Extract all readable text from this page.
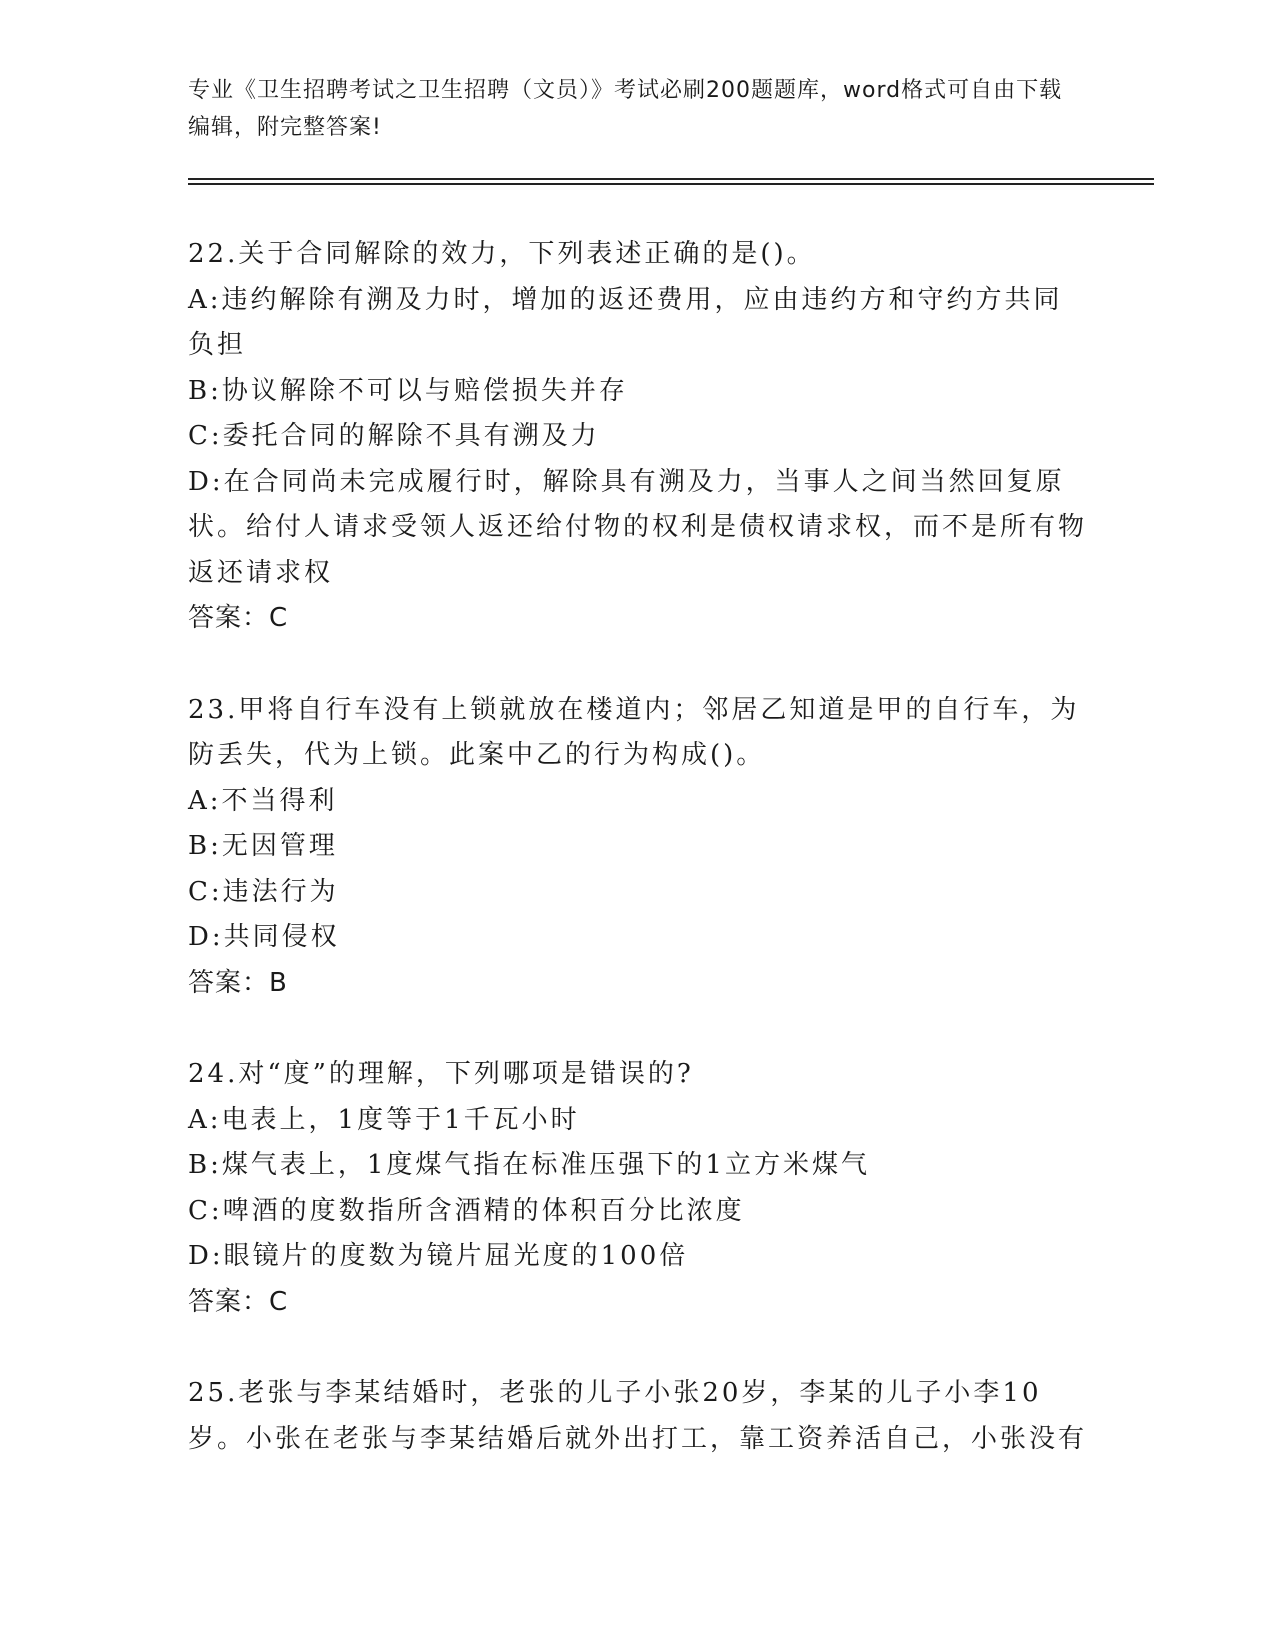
专业《卫生招聘考试之卫生招聘（文员）》考试必刷200题题库，word格式可自由下载编辑，附完整答案!

22.关于合同解除的效力，下列表述正确的是()。

A:违约解除有溯及力时，增加的返还费用，应由违约方和守约方共同负担

B:协议解除不可以与赔偿损失并存

C:委托合同的解除不具有溯及力

D:在合同尚未完成履行时，解除具有溯及力，当事人之间当然回复原状。给付人请求受领人返还给付物的权利是债权请求权，而不是所有物返还请求权

答案：C

23.甲将自行车没有上锁就放在楼道内；邻居乙知道是甲的自行车，为防丢失，代为上锁。此案中乙的行为构成()。

A:不当得利

B:无因管理

C:违法行为

D:共同侵权

答案：B

24.对“度”的理解，下列哪项是错误的?

A:电表上，1度等于1千瓦小时

B:煤气表上，1度煤气指在标准压强下的1立方米煤气

C:啤酒的度数指所含酒精的体积百分比浓度

D:眼镜片的度数为镜片屈光度的100倍

答案：C

25.老张与李某结婚时，老张的儿子小张20岁，李某的儿子小李10岁。小张在老张与李某结婚后就外出打工，靠工资养活自己，小张没有
